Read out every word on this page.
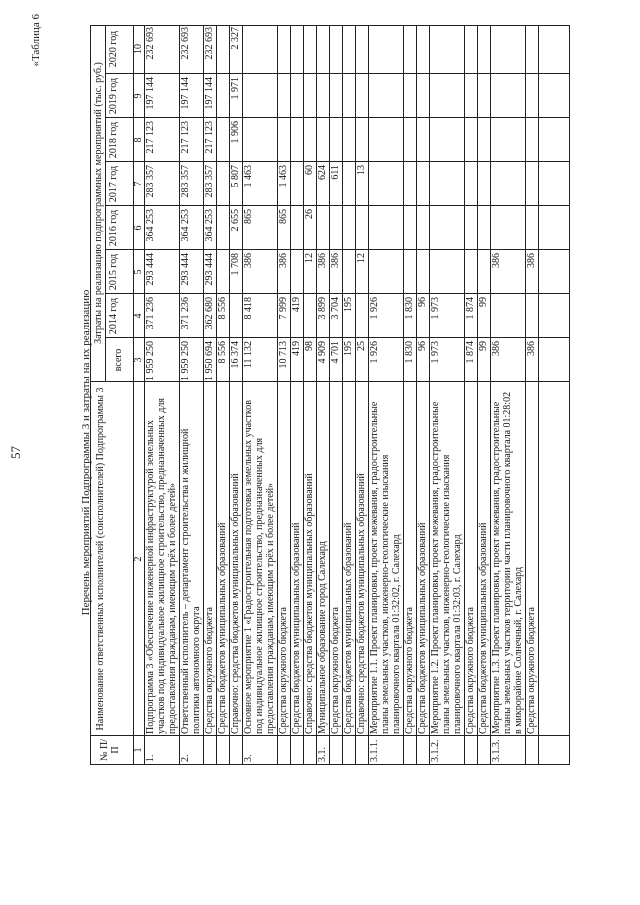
57
«Таблица 6
Перечень мероприятий Подпрограммы 3 и затраты на их реализацию
№ П/П
Наименование ответственных исполнителей (соисполнителей) Подпрограммы 3
Затраты на реализацию подпрограммных мероприятий (тыс. руб.)
всего
2014 год
2015 год
2016 год
2017 год
2018 год
2019 год
2020 год
1
2
3
4
5
6
7
8
9
10
1.
Подпрограмма 3 «Обеспечение инженерной инфраструктурой земельных участков под индивидуальное жилищное строительство, предназначенных для предоставления гражданам, имеющим трёх и более детей»
1 959 250
371 236
293 444
364 253
283 357
217 123
197 144
232 693
2.
Ответственный исполнитель – департамент строительства и жилищной политики автономного округа
1 959 250
371 236
293 444
364 253
283 357
217 123
197 144
232 693
Средства окружного бюджета
1 950 694
362 680
293 444
364 253
283 357
217 123
197 144
232 693
Средства бюджетов муниципальных образований
8 556
8 556
Справочно: средства бюджетов муниципальных образований
16 374
1 708
2 655
5 807
1 906
1 971
2 327
3.
Основное мероприятие 1 «Градостроительная подготовка земельных участков под индивидуальное жилищное строительство, предназначенных для предоставления гражданам, имеющим трёх и более детей»
11 132
8 418
386
865
1 463
Средства окружного бюджета
10 713
7 999
386
865
1 463
Средства бюджетов муниципальных образований
419
419
Справочно: средства бюджетов муниципальных образований
98
12
26
60
3.1.
Муниципальное образование город Салехард
4 909
3 899
386
624
Средства окружного бюджета
4 701
3 704
386
611
Средства бюджетов муниципальных образований
195
195
Справочно: средства бюджетов муниципальных образований
25
12
13
3.1.1.
Мероприятие 1.1. Проект планировки, проект межевания, градостроительные планы земельных участков, инженерно-геологические изыскания планировочного квартала 01:32:02, г. Салехард
1 926
1 926
Средства окружного бюджета
1 830
1 830
Средства бюджетов муниципальных образований
96
96
3.1.2.
Мероприятие 1.2. Проект планировки, проект межевания, градостроительные планы земельных участков, инженерно-геологические изыскания планировочного квартала 01:32:03, г. Салехард
1 973
1 973
Средства окружного бюджета
1 874
1 874
Средства бюджетов муниципальных образований
99
99
3.1.3.
Мероприятие 1.3. Проект планировки, проект межевания, градостроительные планы земельных участков территории части планировочного квартала 01:28:02 в микрорайоне Солнечный, г. Салехард
386
386
Средства окружного бюджета
386
386
